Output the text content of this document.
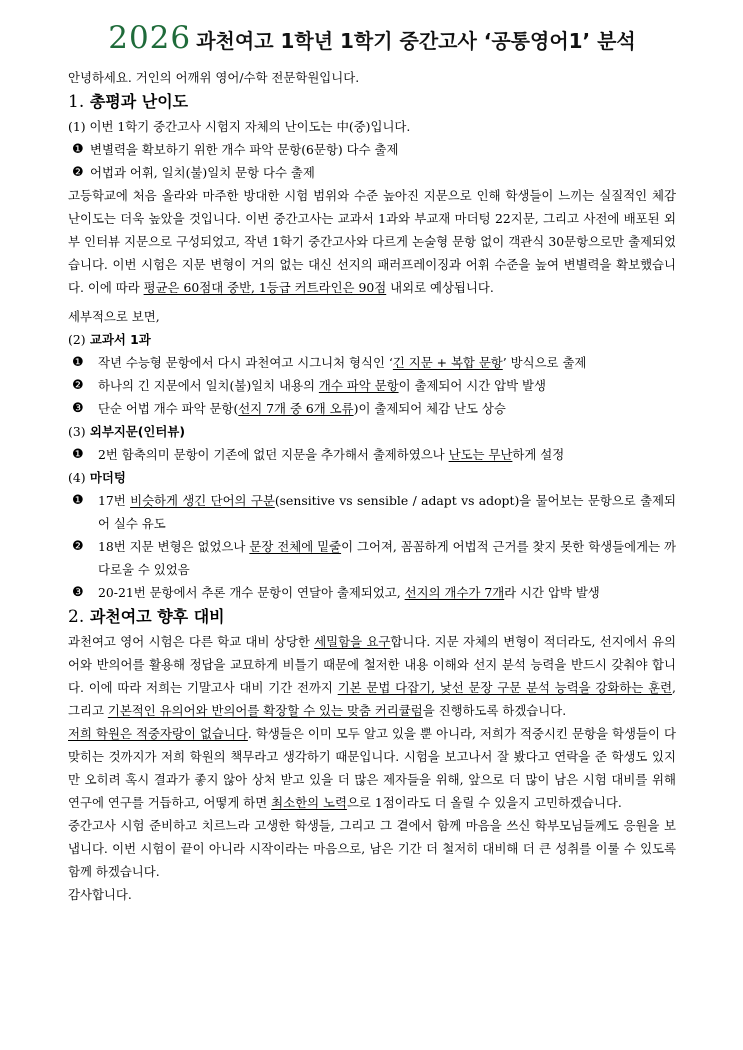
2026 과천여고 1학년 1학기 중간고사 ‘공통영어1’ 분석
안녕하세요. 거인의 어깨위 영어/수학 전문학원입니다.
1. 총평과 난이도
(1) 이번 1학기 중간고사 시험지 자체의 난이도는 中(중)입니다.
❶ 변별력을 확보하기 위한 개수 파악 문항(6문항) 다수 출제
❷ 어법과 어휘, 일치(불)일치 문항 다수 출제
고등학교에 처음 올라와 마주한 방대한 시험 범위와 수준 높아진 지문으로 인해 학생들이 느끼는 실질적인 체감 난이도는 더욱 높았을 것입니다. 이번 중간고사는 교과서 1과와 부교재 마더텅 22지문, 그리고 사전에 배포된 외부 인터뷰 지문으로 구성되었고, 작년 1학기 중간고사와 다르게 논술형 문항 없이 객관식 30문항으로만 출제되었습니다. 이번 시험은 지문 변형이 거의 없는 대신 선지의 패러프레이징과 어휘 수준을 높여 변별력을 확보했습니다. 이에 따라 평균은 60점대 중반, 1등급 커트라인은 90점 내외로 예상됩니다.
세부적으로 보면,
(2) 교과서 1과
❶ 작년 수능형 문항에서 다시 과천여고 시그니처 형식인 ‘긴 지문 + 복합 문항’ 방식으로 출제
❷ 하나의 긴 지문에서 일치(불)일치 내용의 개수 파악 문항이 출제되어 시간 압박 발생
❸ 단순 어법 개수 파악 문항(선지 7개 중 6개 오류)이 출제되어 체감 난도 상승
(3) 외부지문(인터뷰)
❶ 2번 함축의미 문항이 기존에 없던 지문을 추가해서 출제하였으나 난도는 무난하게 설정
(4) 마더텅
❶ 17번 비슷하게 생긴 단어의 구분(sensitive vs sensible / adapt vs adopt)을 물어보는 문항으로 출제되어 실수 유도
❷ 18번 지문 변형은 없었으나 문장 전체에 밑줄이 그어져, 꼼꼼하게 어법적 근거를 찾지 못한 학생들에게는 까다로울 수 있었음
❸ 20-21번 문항에서 추론 개수 문항이 연달아 출제되었고, 선지의 개수가 7개라 시간 압박 발생
2. 과천여고 향후 대비
과천여고 영어 시험은 다른 학교 대비 상당한 세밀함을 요구합니다. 지문 자체의 변형이 적더라도, 선지에서 유의어와 반의어를 활용해 정답을 교묘하게 비틀기 때문에 철저한 내용 이해와 선지 분석 능력을 반드시 갖춰야 합니다. 이에 따라 저희는 기말고사 대비 기간 전까지 기본 문법 다잡기, 낯선 문장 구문 분석 능력을 강화하는 훈련, 그리고 기본적인 유의어와 반의어를 확장할 수 있는 맞춤 커리큘럼을 진행하도록 하겠습니다.
저희 학원은 적중자랑이 없습니다. 학생들은 이미 모두 알고 있을 뿐 아니라, 저희가 적중시킨 문항을 학생들이 다 맞히는 것까지가 저희 학원의 책무라고 생각하기 때문입니다. 시험을 보고나서 잘 봤다고 연락을 준 학생도 있지만 오히려 혹시 결과가 좋지 않아 상처 받고 있을 더 많은 제자들을 위해, 앞으로 더 많이 남은 시험 대비를 위해 연구에 연구를 거듭하고, 어떻게 하면 최소한의 노력으로 1점이라도 더 올릴 수 있을지 고민하겠습니다.
중간고사 시험 준비하고 치르느라 고생한 학생들, 그리고 그 곁에서 함께 마음을 쓰신 학부모님들께도 응원을 보냅니다. 이번 시험이 끝이 아니라 시작이라는 마음으로, 남은 기간 더 철저히 대비해 더 큰 성취를 이룰 수 있도록 함께 하겠습니다.
감사합니다.
